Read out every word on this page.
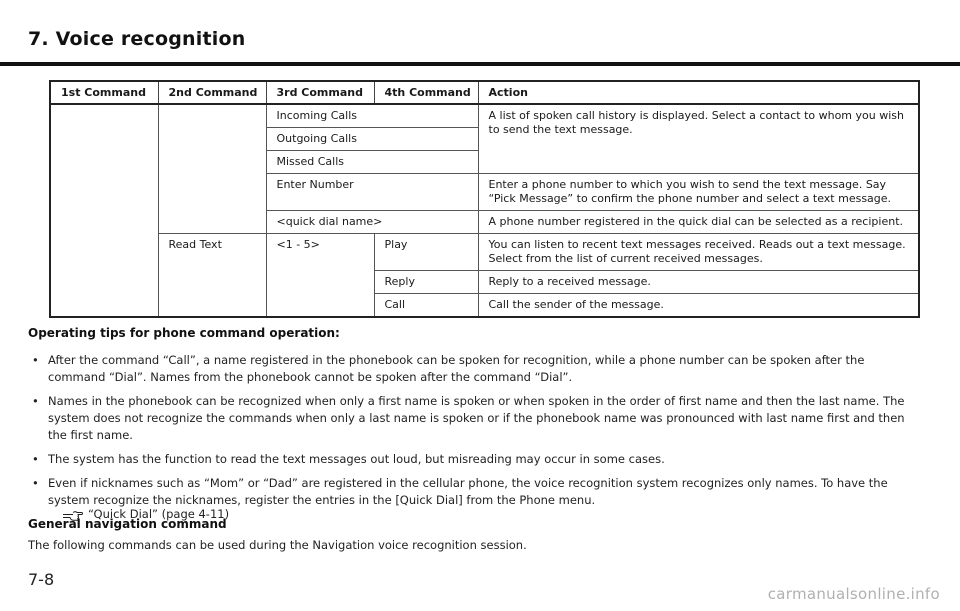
7. Voice recognition
1st Command	2nd Command	3rd Command	4th Command	Action
		Incoming Calls		A list of spoken call history is displayed. Select a contact to whom you wish to send the text message.
		Outgoing Calls		
		Missed Calls		
		Enter Number		Enter a phone number to which you wish to send the text message. Say “Pick Message” to confirm the phone number and select a text message.
		<quick dial name>		A phone number registered in the quick dial can be selected as a recipient.
	Read Text	<1 - 5>	Play	You can listen to recent text messages received. Reads out a text message. Select from the list of current received messages.
			Reply	Reply to a received message.
			Call	Call the sender of the message.
Operating tips for phone command operation:
• After the command “Call”, a name registered in the phonebook can be spoken for recognition, while a phone number can be spoken after the command “Dial”. Names from the phonebook cannot be spoken after the command “Dial”.
• Names in the phonebook can be recognized when only a first name is spoken or when spoken in the order of first name and then the last name. The system does not recognize the commands when only a last name is spoken or if the phonebook name was pronounced with last name first and then the first name.
• The system has the function to read the text messages out loud, but misreading may occur in some cases.
• Even if nicknames such as “Mom” or “Dad” are registered in the cellular phone, the voice recognition system recognizes only names. To have the system recognize the nicknames, register the entries in the [Quick Dial] from the Phone menu.
“Quick Dial” (page 4-11)
General navigation command

The following commands can be used during the Navigation voice recognition session.

7-8
carmanualsonline.info
